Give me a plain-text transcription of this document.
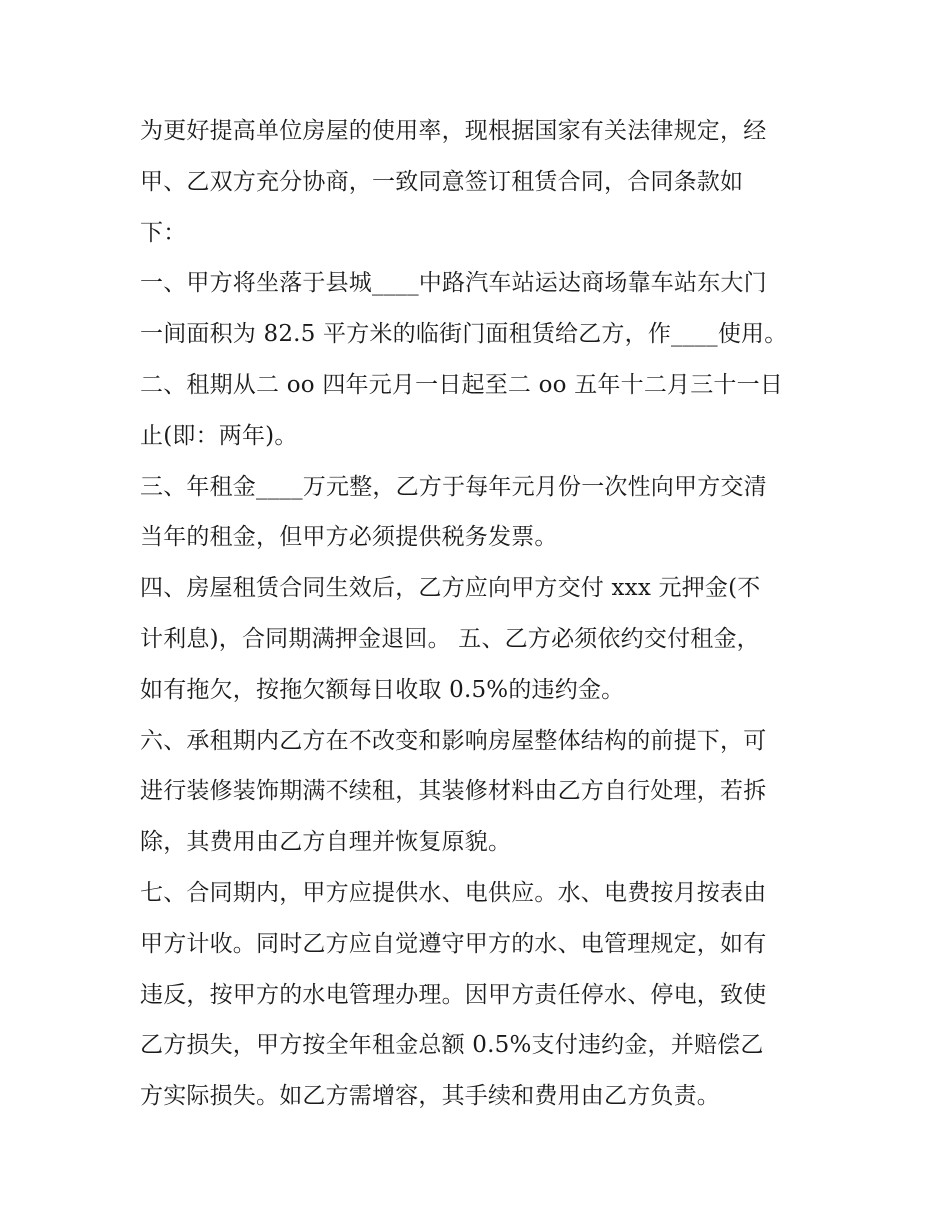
为更好提高单位房屋的使用率，现根据国家有关法律规定，经
甲、乙双方充分协商，一致同意签订租赁合同，合同条款如
下：
一、甲方将坐落于县城____中路汽车站运达商场靠车站东大门
一间面积为 82.5 平方米的临街门面租赁给乙方，作____使用。
二、租期从二 oo 四年元月一日起至二 oo 五年十二月三十一日
止(即：两年)。
三、年租金____万元整，乙方于每年元月份一次性向甲方交清
当年的租金，但甲方必须提供税务发票。
四、房屋租赁合同生效后，乙方应向甲方交付 xxx 元押金(不
计利息)，合同期满押金退回。 五、乙方必须依约交付租金，
如有拖欠，按拖欠额每日收取 0.5%的违约金。
六、承租期内乙方在不改变和影响房屋整体结构的前提下，可
进行装修装饰期满不续租，其装修材料由乙方自行处理，若拆
除，其费用由乙方自理并恢复原貌。
七、合同期内，甲方应提供水、电供应。水、电费按月按表由
甲方计收。同时乙方应自觉遵守甲方的水、电管理规定，如有
违反，按甲方的水电管理办理。因甲方责任停水、停电，致使
乙方损失，甲方按全年租金总额 0.5%支付违约金，并赔偿乙
方实际损失。如乙方需增容，其手续和费用由乙方负责。
